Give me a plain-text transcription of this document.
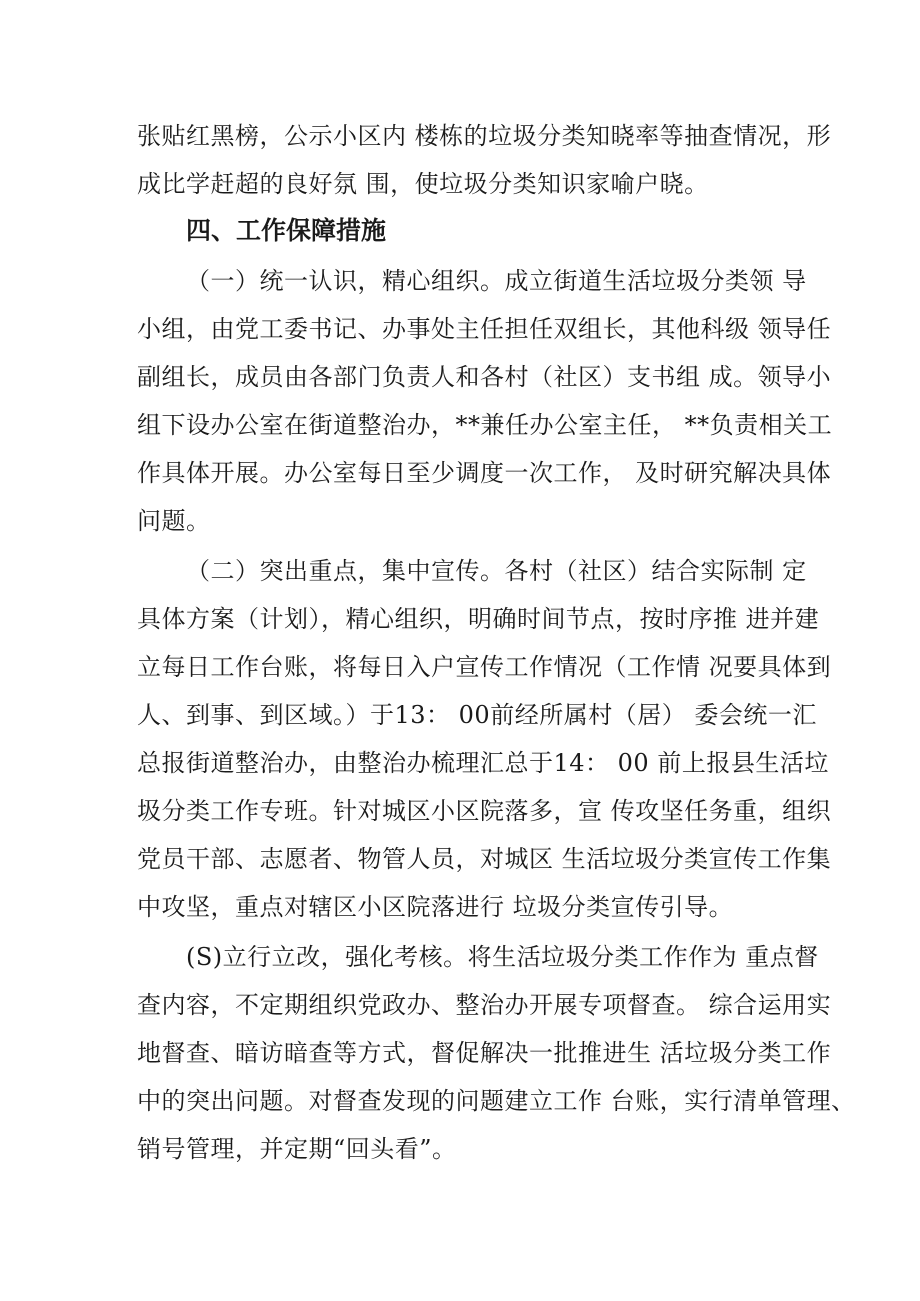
张贴红黑榜，公示小区内 楼栋的垃圾分类知晓率等抽查情况，形
成比学赶超的良好氛 围，使垃圾分类知识家喻户晓。
四、工作保障措施
（一）统一认识，精心组织。成立街道生活垃圾分类领 导
小组，由党工委书记、办事处主任担任双组长，其他科级 领导任
副组长，成员由各部门负责人和各村（社区）支书组 成。领导小
组下设办公室在街道整治办，**兼任办公室主任， **负责相关工
作具体开展。办公室每日至少调度一次工作， 及时研究解决具体
问题。
（二）突出重点，集中宣传。各村（社区）结合实际制 定
具体方案（计划），精心组织，明确时间节点，按时序推 进并建
立每日工作台账，将每日入户宣传工作情况（工作情 况要具体到
人、到事、到区域。）于13： 00前经所属村（居） 委会统一汇
总报街道整治办，由整治办梳理汇总于14： 00 前上报县生活垃
圾分类工作专班。针对城区小区院落多，宣 传攻坚任务重，组织
党员干部、志愿者、物管人员，对城区 生活垃圾分类宣传工作集
中攻坚，重点对辖区小区院落进行 垃圾分类宣传引导。
(S)立行立改，强化考核。将生活垃圾分类工作作为 重点督
查内容，不定期组织党政办、整治办开展专项督查。 综合运用实
地督查、暗访暗查等方式，督促解决一批推进生 活垃圾分类工作
中的突出问题。对督查发现的问题建立工作 台账，实行清单管理、
销号管理，并定期“回头看”。
